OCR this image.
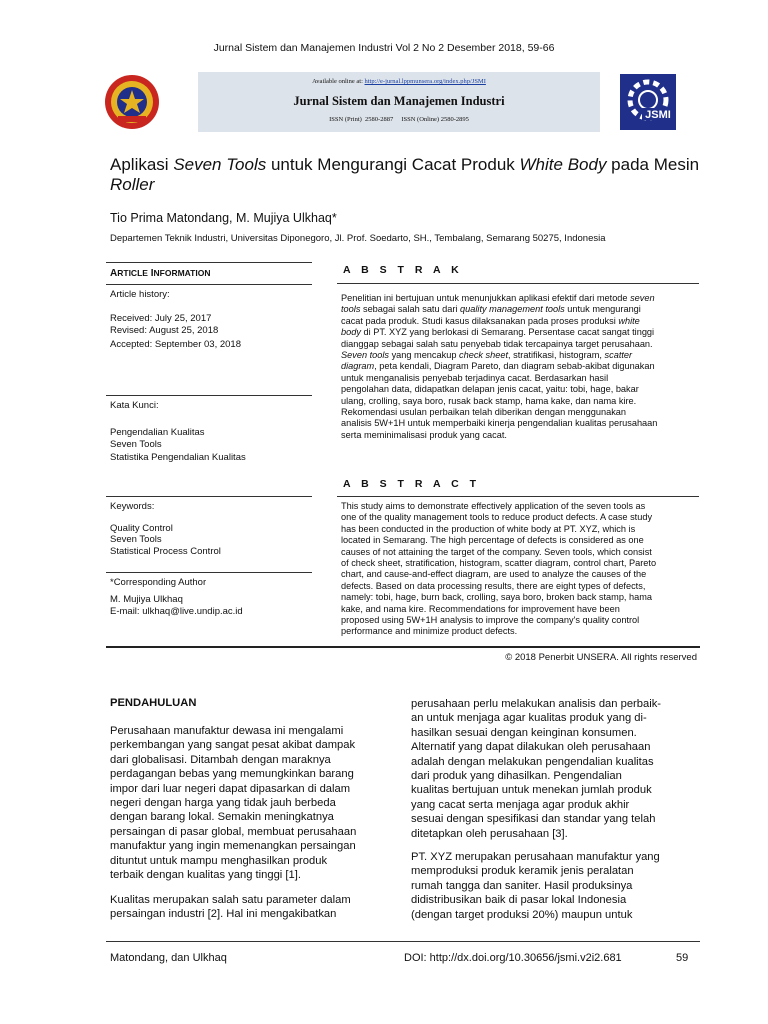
Jurnal Sistem dan Manajemen Industri Vol 2 No 2 Desember 2018, 59-66
Available online at: http://e-jurnal.lppmunsera.org/index.php/JSMI
Jurnal Sistem dan Manajemen Industri
ISSN (Print)  2580-2887     ISSN (Online) 2580-2895	JSMI
Aplikasi Seven Tools untuk Mengurangi Cacat Produk White Body pada Mesin Roller
Tio Prima Matondang, M. Mujiya Ulkhaq*
Departemen Teknik Industri, Universitas Diponegoro, Jl. Prof. Soedarto, SH., Tembalang, Semarang 50275, Indonesia
ARTICLE INFORMATION
Article history:
Received: July 25, 2017
Revised: August 25, 2018
Accepted: September 03, 2018
Kata Kunci:
Pengendalian Kualitas
Seven Tools
Statistika Pengendalian Kualitas
Keywords:
Quality Control
Seven Tools
Statistical Process Control
*Corresponding Author
M. Mujiya Ulkhaq
E-mail: ulkhaq@live.undip.ac.id
A B S T R A K
Penelitian ini bertujuan untuk menunjukkan aplikasi efektif dari metode seven
tools sebagai salah satu dari quality management tools untuk mengurangi
cacat pada produk. Studi kasus dilaksanakan pada proses produksi white
body di PT. XYZ yang berlokasi di Semarang. Persentase cacat sangat tinggi
dianggap sebagai salah satu penyebab tidak tercapainya target perusahaan.
Seven tools yang mencakup check sheet, stratifikasi, histogram, scatter
diagram, peta kendali, Diagram Pareto, dan diagram sebab-akibat digunakan
untuk menganalisis penyebab terjadinya cacat. Berdasarkan hasil
pengolahan data, didapatkan delapan jenis cacat, yaitu: tobi, hage, bakar
ulang, crolling, saya boro, rusak back stamp, hama kake, dan nama kire.
Rekomendasi usulan perbaikan telah diberikan dengan menggunakan
analisis 5W+1H untuk memperbaiki kinerja pengendalian kualitas perusahaan
serta meminimalisasi produk yang cacat.
A B S T R A C T
This study aims to demonstrate effectively application of the seven tools as
one of the quality management tools to reduce product defects. A case study
has been conducted in the production of white body at PT. XYZ, which is
located in Semarang. The high percentage of defects is considered as one
causes of not attaining the target of the company. Seven tools, which consist
of check sheet, stratification, histogram, scatter diagram, control chart, Pareto
chart, and cause-and-effect diagram, are used to analyze the causes of the
defects. Based on data processing results, there are eight types of defects,
namely: tobi, hage, burn back, crolling, saya boro, broken back stamp, hama
kake, and nama kire. Recommendations for improvement have been
proposed using 5W+1H analysis to improve the company's quality control
performance and minimize product defects.
© 2018 Penerbit UNSERA. All rights reserved
PENDAHULUAN
Perusahaan manufaktur dewasa ini mengalami
perkembangan yang sangat pesat akibat dampak
dari globalisasi. Ditambah dengan maraknya
perdagangan bebas yang memungkinkan barang
impor dari luar negeri dapat dipasarkan di dalam
negeri dengan harga yang tidak jauh berbeda
dengan barang lokal. Semakin meningkatnya
persaingan di pasar global, membuat perusahaan
manufaktur yang ingin memenangkan persaingan
dituntut untuk mampu menghasilkan produk
terbaik dengan kualitas yang tinggi [1].
Kualitas merupakan salah satu parameter dalam
persaingan industri [2]. Hal ini mengakibatkan
perusahaan perlu melakukan analisis dan perbaik-
an untuk menjaga agar kualitas produk yang di-
hasilkan sesuai dengan keinginan konsumen.
Alternatif yang dapat dilakukan oleh perusahaan
adalah dengan melakukan pengendalian kualitas
dari produk yang dihasilkan. Pengendalian
kualitas bertujuan untuk menekan jumlah produk
yang cacat serta menjaga agar produk akhir
sesuai dengan spesifikasi dan standar yang telah
ditetapkan oleh perusahaan [3].
PT. XYZ merupakan perusahaan manufaktur yang
memproduksi produk keramik jenis peralatan
rumah tangga dan saniter. Hasil produksinya
didistribusikan baik di pasar lokal Indonesia
(dengan target produksi 20%) maupun untuk
Matondang, dan Ulkhaq	DOI: http://dx.doi.org/10.30656/jsmi.v2i2.681	59
